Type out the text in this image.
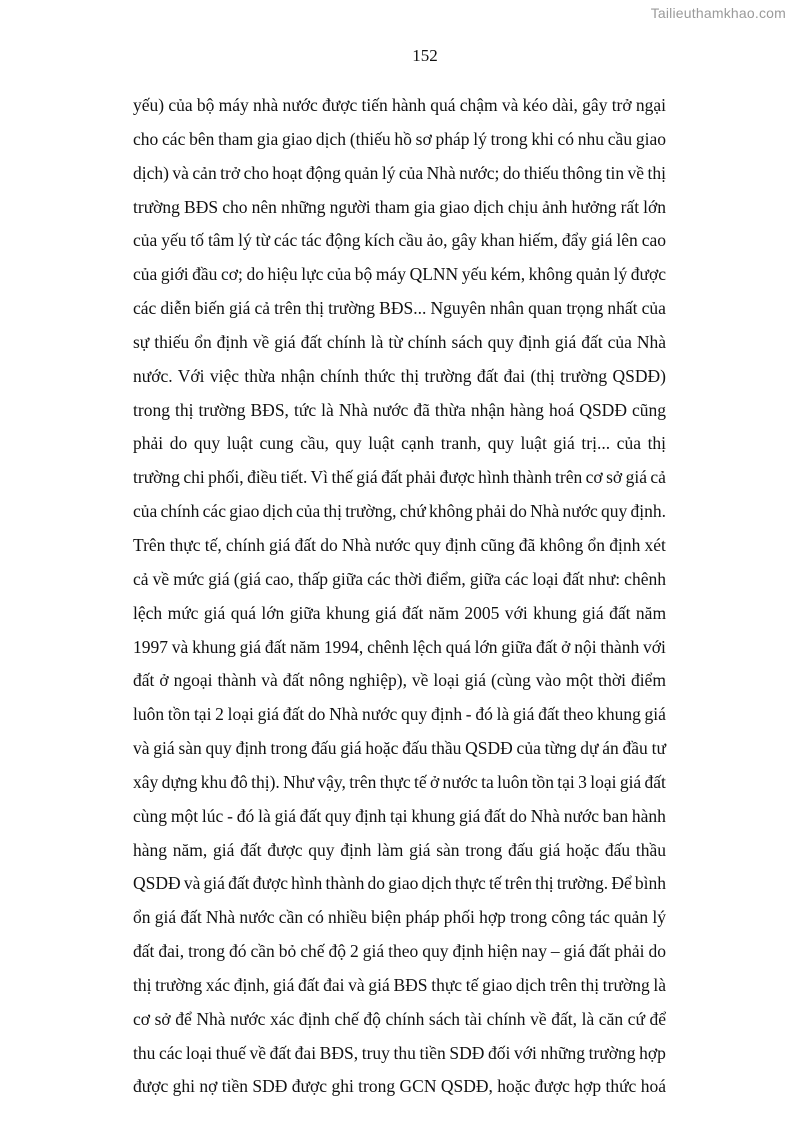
Tailieuthamkhao.com
152
yếu) của bộ máy nhà nước được tiến hành quá chậm và kéo dài, gây trở ngại
cho các bên tham gia giao dịch (thiếu hồ sơ pháp lý trong khi có nhu cầu giao
dịch) và cản trở cho hoạt động quản lý của Nhà nước; do thiếu thông tin về thị
trường BĐS cho nên những người tham gia giao dịch chịu ảnh hưởng rất lớn
của yếu tố tâm lý từ các tác động kích cầu ảo, gây khan hiếm, đẩy giá lên cao
của giới đầu cơ; do hiệu lực của bộ máy QLNN yếu kém, không quản lý được
các diễn biến giá cả trên thị trường BĐS... Nguyên nhân quan trọng nhất của
sự thiếu ổn định về giá đất chính là từ chính sách quy định giá đất của Nhà
nước. Với việc thừa nhận chính thức thị trường đất đai (thị trường QSDĐ)
trong thị trường BĐS, tức là Nhà nước đã thừa nhận hàng hoá QSDĐ cũng
phải do quy luật cung cầu, quy luật cạnh tranh, quy luật giá trị... của thị
trường chi phối, điều tiết. Vì thế giá đất phải được hình thành trên cơ sở giá cả
của chính các giao dịch của thị trường, chứ không phải do Nhà nước quy định.
Trên thực tế, chính giá đất do Nhà nước quy định cũng đã không ổn định xét
cả về mức giá (giá cao, thấp giữa các thời điểm, giữa các loại đất như: chênh
lệch mức giá quá lớn giữa khung giá đất năm 2005 với khung giá đất năm
1997 và khung giá đất năm 1994, chênh lệch quá lớn giữa đất ở nội thành với
đất ở ngoại thành và đất nông nghiệp), về loại giá (cùng vào một thời điểm
luôn tồn tại 2 loại giá đất do Nhà nước quy định - đó là giá đất theo khung giá
và giá sàn quy định trong đấu giá hoặc đấu thầu QSDĐ của từng dự án đầu tư
xây dựng khu đô thị). Như vậy, trên thực tế ở nước ta luôn tồn tại 3 loại giá đất
cùng một lúc - đó là giá đất quy định tại khung giá đất do Nhà nước ban hành
hàng năm, giá đất được quy định làm giá sàn trong đấu giá hoặc đấu thầu
QSDĐ và giá đất được hình thành do giao dịch thực tế trên thị trường. Để bình
ổn giá đất Nhà nước cần có nhiều biện pháp phối hợp trong công tác quản lý
đất đai, trong đó cần bỏ chế độ 2 giá theo quy định hiện nay – giá đất phải do
thị trường xác định, giá đất đai và giá BĐS thực tế giao dịch trên thị trường là
cơ sở để Nhà nước xác định chế độ chính sách tài chính về đất, là căn cứ để
thu các loại thuế về đất đai BĐS, truy thu tiền SDĐ đối với những trường hợp
được ghi nợ tiền SDĐ được ghi trong GCN QSDĐ, hoặc được hợp thức hoá
